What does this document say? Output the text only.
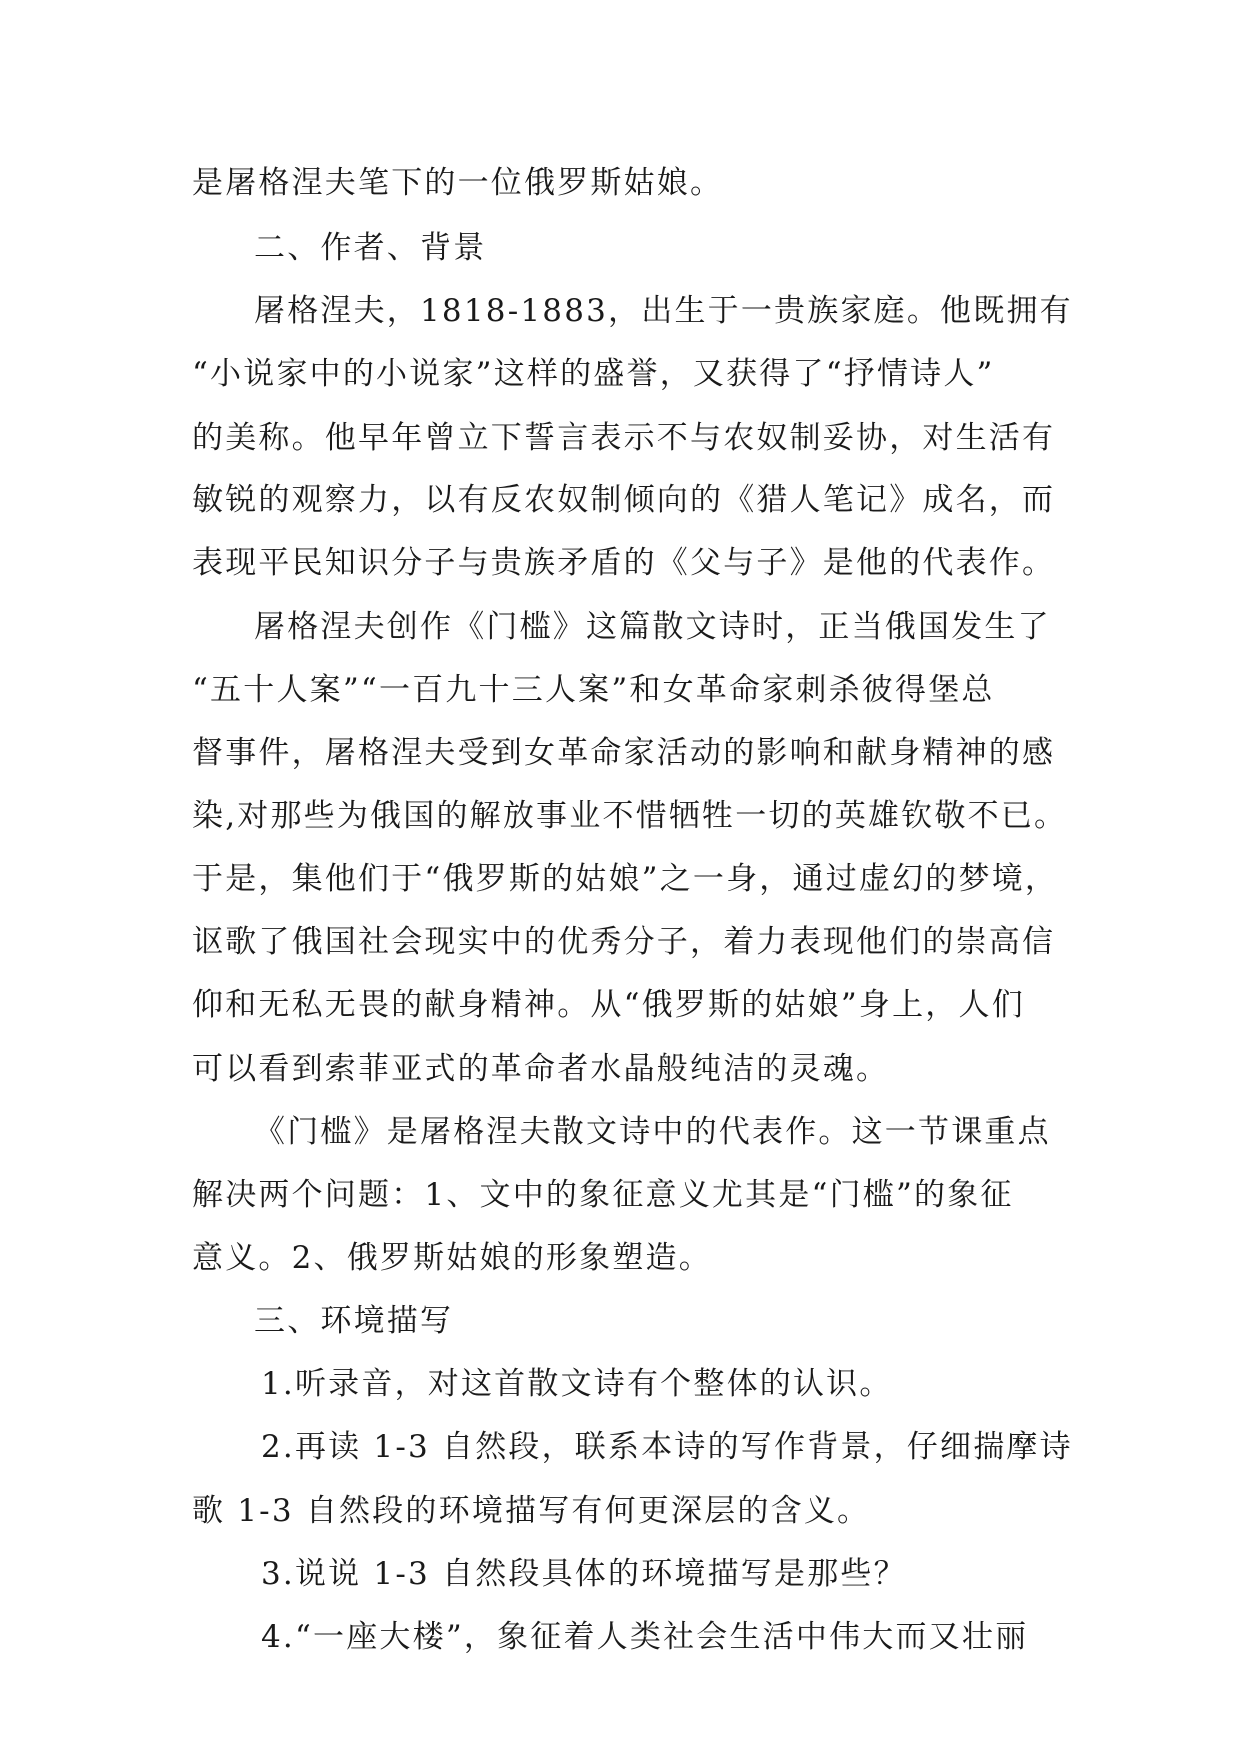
是屠格涅夫笔下的一位俄罗斯姑娘。
二、作者、背景
屠格涅夫，1818-1883，出生于一贵族家庭。他既拥有
“小说家中的小说家”这样的盛誉，又获得了“抒情诗人”
的美称。他早年曾立下誓言表示不与农奴制妥协，对生活有
敏锐的观察力，以有反农奴制倾向的《猎人笔记》成名，而
表现平民知识分子与贵族矛盾的《父与子》是他的代表作。
屠格涅夫创作《门槛》这篇散文诗时，正当俄国发生了
“五十人案”“一百九十三人案”和女革命家刺杀彼得堡总
督事件，屠格涅夫受到女革命家活动的影响和献身精神的感
染,对那些为俄国的解放事业不惜牺牲一切的英雄钦敬不已。
于是，集他们于“俄罗斯的姑娘”之一身，通过虚幻的梦境，
讴歌了俄国社会现实中的优秀分子，着力表现他们的崇高信
仰和无私无畏的献身精神。从“俄罗斯的姑娘”身上，人们
可以看到索菲亚式的革命者水晶般纯洁的灵魂。
《门槛》是屠格涅夫散文诗中的代表作。这一节课重点
解决两个问题：1、文中的象征意义尤其是“门槛”的象征
意义。2、俄罗斯姑娘的形象塑造。
三、环境描写
1.听录音，对这首散文诗有个整体的认识。
2.再读 1-3 自然段，联系本诗的写作背景，仔细揣摩诗
歌 1-3 自然段的环境描写有何更深层的含义。
3.说说 1-3 自然段具体的环境描写是那些？
4.“一座大楼”，象征着人类社会生活中伟大而又壮丽
